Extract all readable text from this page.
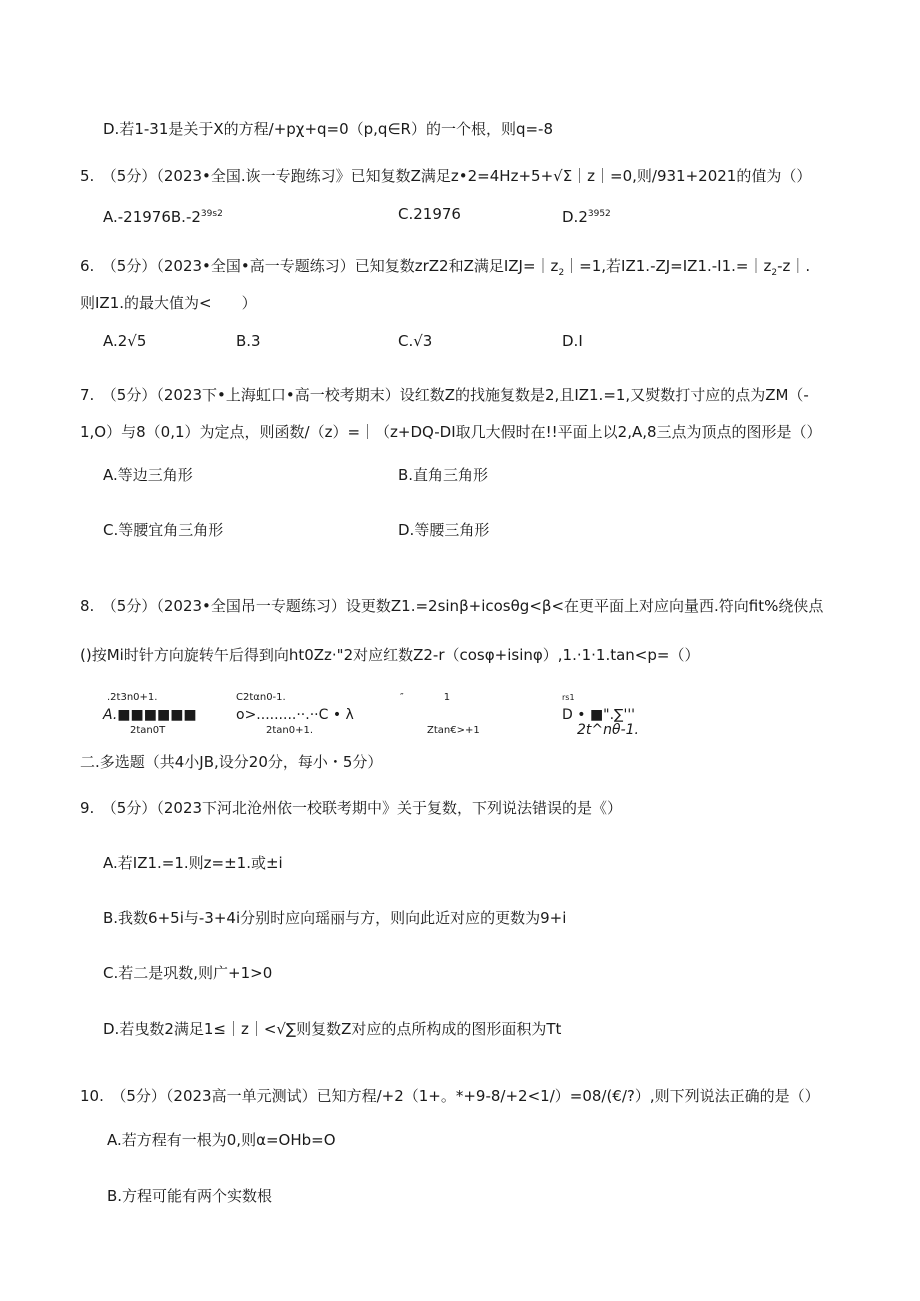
D.若1-31是关于X的方程/+pχ+q=0（p,q∈R）的一个根，则q=-8
5.　（5分）（2023•全国.诙一专跑练习》已知复数Z满足z•2=4Hz+5+√Σ｜z｜=0,则/931+2021的值为（）
$A.-21976B.-2^{39s2}$	C.21976	$D.2^{3952}$
6.　（5分）（2023•全国•高一专题练习）已知复数zrZ2和Z满足$IZJ=|z_2|=1$,若$IZ1.-ZJ=IZ1.-I1.=|z_2-z|$.
则IZ1.的最大值为<　　）
A.2√5	B.3	C.√3	D.I
7.　（5分）（2023下•上海虹口•高一校考期末）设红数Z的找施复数是2,且IZ1.=1,又熨数打寸应的点为ZM（-
1,O）与8（0,1）为定点，则函数/（z）=｜（z+DQ-DI取几大假时在!!平面上以2,A,8三点为顶点的图形是（）
A.等边三角形	B.直角三角形
C.等腰宜角三角形	D.等腰三角形
8.　（5分）（2023•全国吊一专题练习）设更数Z1.=2sinβ+icosθg<β<在更平面上对应向量西.符向fit%绕侠点
()按Mi时针方向旋转午后得到向ht0Zz·"2对应红数Z2-r（cosφ+isinφ）,1.·1·1.tan<p=（）
.2t3n0+1.
A.■■■■■■
2tan0T
C2tαn0-1.
o>.........··.··C • λ
2tan0+1.
″　　　　1
Ztan€>+1
rs1
D • ■".∑'''
2t^nθ-1.
二.多选题（共4小JB,设分20分，每小・5分）
9.　（5分）（2023下河北沧州依一校联考期中》关于复数，下列说法错误的是《）
A.若IZ1.=1.则z=±1.或±i
B.我数6+5i与-3+4i分别时应向瑶丽与方，则向此近对应的更数为9+i
C.若二是巩数,则广+1>0
D.若曳数2满足1≤｜z｜<√∑则复数Z对应的点所构成的图形面积为Tt
10.　（5分）（2023高一单元测试）已知方程/+2（1+。*+9-8/+2<1/）=08/(€/?）,则下列说法正确的是（）
A.若方程有一根为0,则α=OHb=O
B.方程可能有两个实数根
